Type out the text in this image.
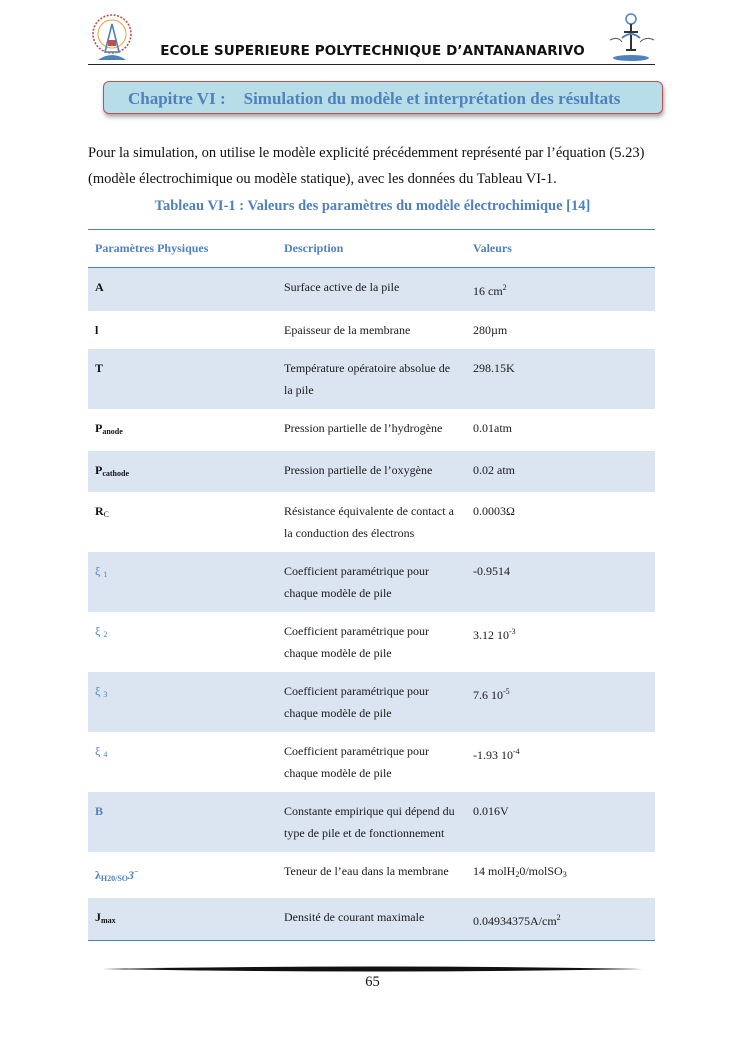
ECOLE SUPERIEURE POLYTECHNIQUE D’ANTANANARIVO
Chapitre VI : Simulation du modèle et interprétation des résultats
Pour la simulation, on utilise le modèle explicité précédemment représenté par l’équation (5.23)
(modèle électrochimique ou modèle statique), avec les données du Tableau VI-1.
Tableau VI-1 : Valeurs des paramètres du modèle électrochimique [14]
Paramètres Physiques	Description	Valeurs
A	Surface active de la pile	16 $cm^2$
l	Epaisseur de la membrane	280µm
T	Température opératoire absolue de la pile	298.15K
$P_{anode}$	Pression partielle de l’hydrogène	0.01atm
$P_{cathode}$	Pression partielle de l’oxygène	0.02 atm
$R_C$	Résistance équivalente de contact a la conduction des électrons	0.0003Ω
ξ $_1$	Coefficient paramétrique pour chaque modèle de pile	-0.9514
ξ $_2$	Coefficient paramétrique pour chaque modèle de pile	3.12 $10^{-3}$
ξ $_3$	Coefficient paramétrique pour chaque modèle de pile	7.6 $10^{-5}$
ξ $_4$	Coefficient paramétrique pour chaque modèle de pile	-1.93 $10^{-4}$
B	Constante empirique qui dépend du type de pile et de fonctionnement	0.016V
$\lambda_{H20/SO}3^-$	Teneur de l’eau dans la membrane	14 molH$_2$0/molSO$_3$
$J_{max}$	Densité de courant maximale	$0.04934375A/cm^2$
65
